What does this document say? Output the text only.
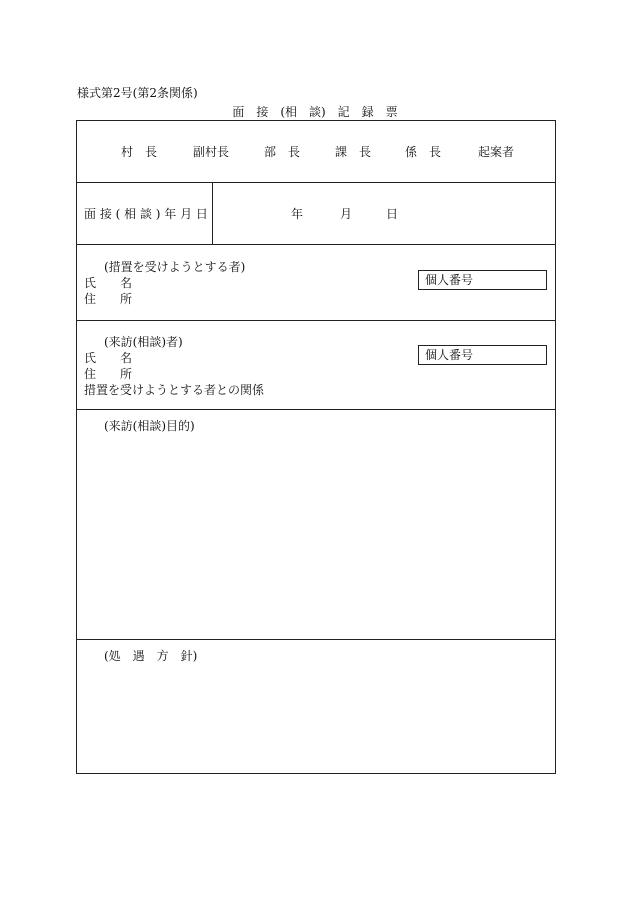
様式第2号(第2条関係)
面　接　(相　談)　記　録　票
村　長	副村長	部　長	課　長	係　長	起案者
面 接 ( 相 談 ) 年 月 日	年	月	日
(措置を受けようとする者)
氏　　名
住　　所
個人番号
(来訪(相談)者)
氏　　名
住　　所
措置を受けようとする者との関係
個人番号
(来訪(相談)目的)
(処　遇　方　針)
